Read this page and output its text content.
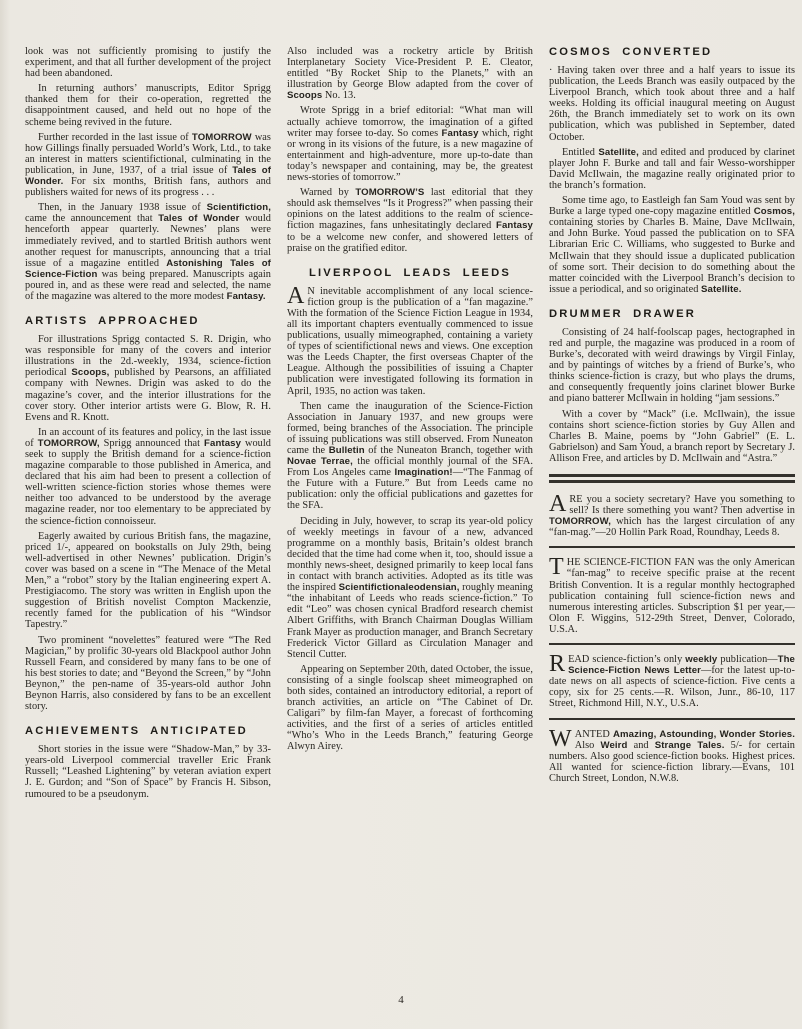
look was not sufficiently promising to justify the experiment, and that all further development of the project had been abandoned.

In returning authors’ manuscripts, Editor Sprigg thanked them for their co-operation, regretted the disappointment caused, and held out no hope of the scheme being revived in the future.

Further recorded in the last issue of TOMORROW was how Gillings finally persuaded World’s Work, Ltd., to take an interest in matters scientifictional, culminating in the publication, in June, 1937, of a trial issue of Tales of Wonder. For six months, British fans, authors and publishers waited for news of its progress . . .

Then, in the January 1938 issue of Scientifiction, came the announcement that Tales of Wonder would henceforth appear quarterly. Newnes’ plans were immediately revived, and to startled British authors went another request for manuscripts, announcing that a trial issue of a magazine entitled Astonishing Tales of Science-Fiction was being prepared. Manuscripts again poured in, and as these were read and selected, the name of the magazine was altered to the more modest Fantasy.

ARTISTS APPROACHED

For illustrations Sprigg contacted S. R. Drigin, who was responsible for many of the covers and interior illustrations in the 2d.-weekly, 1934, science-fiction periodical Scoops, published by Pearsons, an affiliated company with Newnes. Drigin was asked to do the magazine’s cover, and the interior illustrations for the cover story. Other interior artists were G. Blow, R. H. Evens and R. Knott.

In an account of its features and policy, in the last issue of TOMORROW, Sprigg announced that Fantasy would seek to supply the British demand for a science-fiction magazine comparable to those published in America, and declared that his aim had been to present a collection of well-written science-fiction stories whose themes were neither too advanced to be understood by the average magazine reader, nor too elementary to be appreciated by the science-fiction connoisseur.

Eagerly awaited by curious British fans, the magazine, priced 1/-, appeared on bookstalls on July 29th, being well-advertised in other Newnes’ publication. Drigin’s cover was based on a scene in “The Menace of the Metal Men,” a “robot” story by the Italian engineering expert A. Prestigiacomo. The story was written in English upon the suggestion of British novelist Compton Mackenzie, recently famed for the publication of his “Windsor Tapestry.”

Two prominent “novelettes” featured were “The Red Magician,” by prolific 30-years old Blackpool author John Russell Fearn, and considered by many fans to be one of his best stories to date; and “Beyond the Screen,” by “John Beynon,” the pen-name of 35-years-old author John Beynon Harris, also considered by fans to be an excellent story.

ACHIEVEMENTS ANTICIPATED

Short stories in the issue were “Shadow-Man,” by 33-years-old Liverpool commercial traveller Eric Frank Russell; “Leashed Lightening” by veteran aviation expert J. E. Gurdon; and “Son of Space” by Francis H. Sibson, rumoured to be a pseudonym.

Also included was a rocketry article by British Interplanetary Society Vice-President P. E. Cleator, entitled “By Rocket Ship to the Planets,” with an illustration by George Blow adapted from the cover of Scoops No. 13.

Wrote Sprigg in a brief editorial: “What man will actually achieve tomorrow, the imagination of a gifted writer may forsee to-day. So comes Fantasy which, right or wrong in its visions of the future, is a new magazine of entertainment and high-adventure, more up-to-date than today’s newspaper and containing, may be, the greatest news-stories of tomorrow.”

Warned by TOMORROW’S last editorial that they should ask themselves “Is it Progress?” when passing their opinions on the latest additions to the realm of science-fiction magazines, fans unhesitatingly declared Fantasy to be a welcome new confer, and showered letters of praise on the gratified editor.

LIVERPOOL LEADS LEEDS

A N inevitable accomplishment of any local science-fiction group is the publication of a “fan magazine.” With the formation of the Science Fiction League in 1934, all its important chapters eventually commenced to issue publications, usually mimeographed, containing a variety of types of scientifictional news and views. One exception was the Leeds Chapter, the first overseas Chapter of the League. Although the possibilities of issuing a Chapter publication were investigated following its formation in April, 1935, no action was taken.

Then came the inauguration of the Science-Fiction Association in January 1937, and new groups were formed, being branches of the Association. The principle of issuing publications was still observed. From Nuneaton came the Bulletin of the Nuneaton Branch, together with Novae Terrae, the official monthly journal of the SFA. From Los Angeles came Imagination!—“The Fanmag of the Future with a Future.” But from Leeds came no publication: only the official publications and gazettes for the SFA.

Deciding in July, however, to scrap its year-old policy of weekly meetings in favour of a new, advanced programme on a monthly basis, Britain’s oldest branch decided that the time had come when it, too, should issue a monthly news-sheet, designed primarily to keep local fans in contact with branch activities. Adopted as its title was the inspired Scientifictionaleodensian, roughly meaning “the inhabitant of Leeds who reads science-fiction.” To edit “Leo” was chosen cynical Bradford research chemist Albert Griffiths, with Branch Chairman Douglas William Frank Mayer as production manager, and Branch Secretary Frederick Victor Gillard as Circulation Manager and Stencil Cutter.

Appearing on September 20th, dated October, the issue, consisting of a single foolscap sheet mimeographed on both sides, contained an introductory editorial, a report of branch activities, an article on “The Cabinet of Dr. Caligari” by film-fan Mayer, a forecast of forthcoming activities, and the first of a series of articles entitled “Who’s Who in the Leeds Branch,” featuring George Alwyn Airey.

COSMOS CONVERTED

· Having taken over three and a half years to issue its publication, the Leeds Branch was easily outpaced by the Liverpool Branch, which took about three and a half weeks. Holding its official inaugural meeting on August 26th, the Branch immediately set to work on its own publication, which was published in September, dated October.

Entitled Satellite, and edited and produced by clarinet player John F. Burke and tall and fair Wesso-worshipper David McIlwain, the magazine really originated prior to the branch’s formation.

Some time ago, to Eastleigh fan Sam Youd was sent by Burke a large typed one-copy magazine entitled Cosmos, containing stories by Charles B. Maine, Dave McIlwain, and John Burke. Youd passed the publication on to SFA Librarian Eric C. Williams, who suggested to Burke and McIlwain that they should issue a duplicated publication of some sort. Their decision to do something about the matter coincided with the Liverpool Branch’s decision to issue a periodical, and so originated Satellite.

DRUMMER DRAWER

Consisting of 24 half-foolscap pages, hectographed in red and purple, the magazine was produced in a room of Burke’s, decorated with weird drawings by Virgil Finlay, and by paintings of witches by a friend of Burke’s, who thinks science-fiction is crazy, but who plays the drums, and consequently frequently joins clarinet blower Burke and piano batterer McIlwain in holding “jam sessions.”

With a cover by “Mack” (i.e. McIlwain), the issue contains short science-fiction stories by Guy Allen and Charles B. Maine, poems by “John Gabriel” (E. L. Gabrielson) and Sam Youd, a branch report by Secretary J. Allison Free, and articles by D. McIlwain and “Astra.”

ARE you a society secretary? Have you something to sell? Is there something you want? Then advertise in TOMORROW, which has the largest circulation of any “fan-mag.”—20 Hollin Park Road, Roundhay, Leeds 8.

THE SCIENCE-FICTION FAN was the only American “fan-mag” to receive specific praise at the recent British Convention. It is a regular monthly hectographed publication containing full science-fiction news and numerous interesting articles. Subscription $1 per year,—Olon F. Wiggins, 512-29th Street, Denver, Colorado, U.S.A.

READ science-fiction’s only weekly publication—The Science-Fiction News Letter—for the latest up-to-date news on all aspects of science-fiction. Five cents a copy, six for 25 cents.—R. Wilson, Junr., 86-10, 117 Street, Richmond Hill, N.Y., U.S.A.

WANTED Amazing, Astounding, Wonder Stories. Also Weird and Strange Tales. 5/- for certain numbers. Also good science-fiction books. Highest prices. All wanted for science-fiction library.—Evans, 101 Church Street, London, N.W.8.

4
